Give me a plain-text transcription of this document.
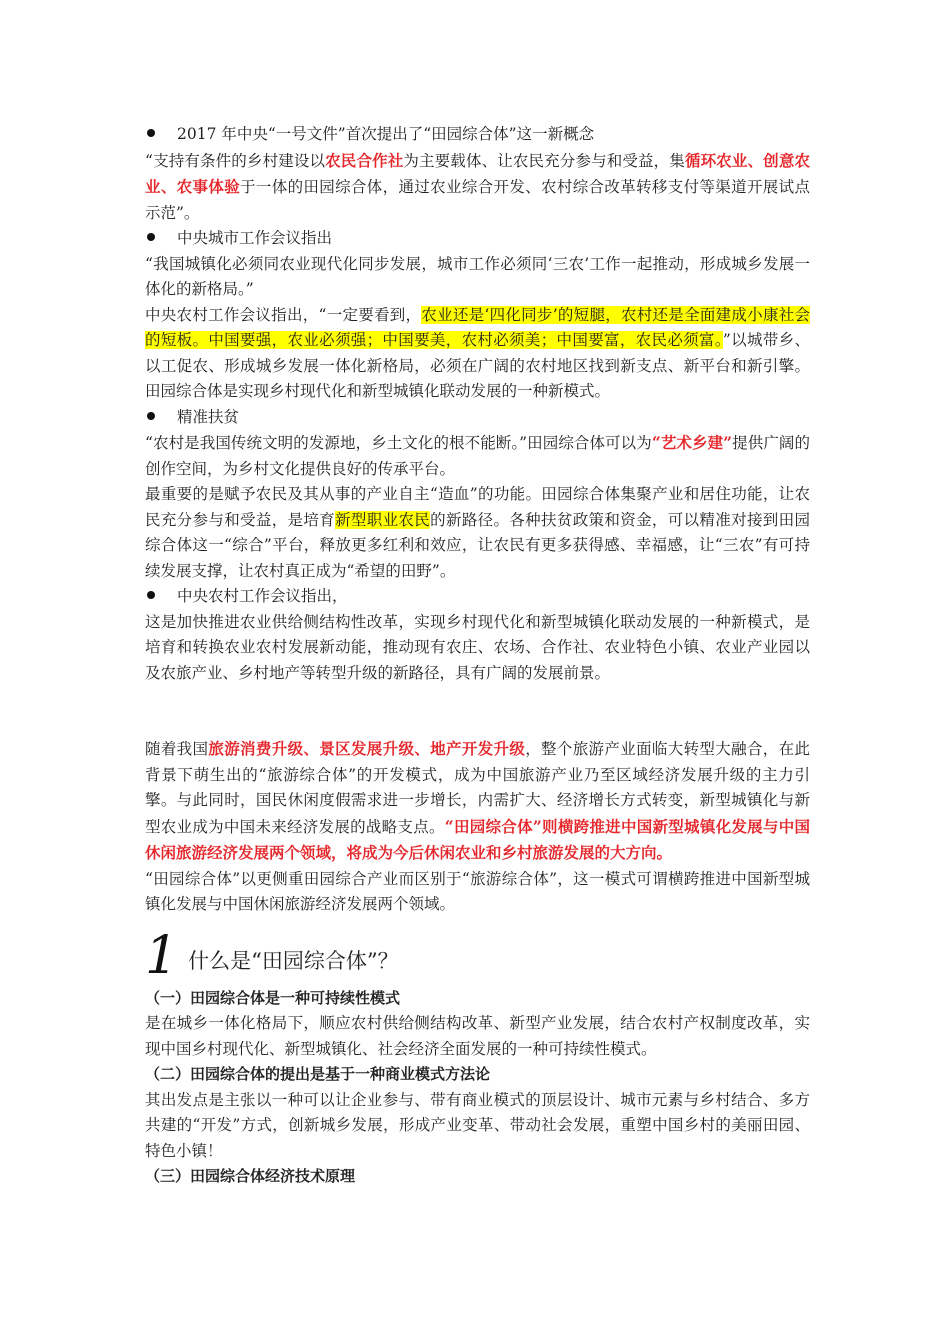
2017 年中央“一号文件”首次提出了“田园综合体”这一新概念

“支持有条件的乡村建设以农民合作社为主要载体、让农民充分参与和受益，集循环农业、创意农业、农事体验于一体的田园综合体，通过农业综合开发、农村综合改革转移支付等渠道开展试点示范”。

中央城市工作会议指出

“我国城镇化必须同农业现代化同步发展，城市工作必须同‘三农’工作一起推动，形成城乡发展一体化的新格局。”

中央农村工作会议指出，“一定要看到，农业还是‘四化同步’的短腿，农村还是全面建成小康社会的短板。中国要强，农业必须强；中国要美，农村必须美；中国要富，农民必须富。”以城带乡、以工促农、形成城乡发展一体化新格局，必须在广阔的农村地区找到新支点、新平台和新引擎。田园综合体是实现乡村现代化和新型城镇化联动发展的一种新模式。

精准扶贫

“农村是我国传统文明的发源地，乡土文化的根不能断。”田园综合体可以为“艺术乡建”提供广阔的创作空间，为乡村文化提供良好的传承平台。

最重要的是赋予农民及其从事的产业自主“造血”的功能。田园综合体集聚产业和居住功能，让农民充分参与和受益，是培育新型职业农民的新路径。各种扶贫政策和资金，可以精准对接到田园综合体这一“综合”平台，释放更多红利和效应，让农民有更多获得感、幸福感，让“三农”有可持续发展支撑，让农村真正成为“希望的田野”。

中央农村工作会议指出，

这是加快推进农业供给侧结构性改革，实现乡村现代化和新型城镇化联动发展的一种新模式，是培育和转换农业农村发展新动能，推动现有农庄、农场、合作社、农业特色小镇、农业产业园以及农旅产业、乡村地产等转型升级的新路径，具有广阔的发展前景。

随着我国旅游消费升级、景区发展升级、地产开发升级，整个旅游产业面临大转型大融合，在此背景下萌生出的“旅游综合体”的开发模式，成为中国旅游产业乃至区域经济发展升级的主力引擎。与此同时，国民休闲度假需求进一步增长，内需扩大、经济增长方式转变，新型城镇化与新型农业成为中国未来经济发展的战略支点。“田园综合体”则横跨推进中国新型城镇化发展与中国休闲旅游经济发展两个领域，将成为今后休闲农业和乡村旅游发展的大方向。

“田园综合体”以更侧重田园综合产业而区别于“旅游综合体”，这一模式可谓横跨推进中国新型城镇化发展与中国休闲旅游经济发展两个领域。

1 什么是“田园综合体”？

（一）田园综合体是一种可持续性模式

是在城乡一体化格局下，顺应农村供给侧结构改革、新型产业发展，结合农村产权制度改革，实现中国乡村现代化、新型城镇化、社会经济全面发展的一种可持续性模式。

（二）田园综合体的提出是基于一种商业模式方法论

其出发点是主张以一种可以让企业参与、带有商业模式的顶层设计、城市元素与乡村结合、多方共建的“开发”方式，创新城乡发展，形成产业变革、带动社会发展，重塑中国乡村的美丽田园、特色小镇！

（三）田园综合体经济技术原理
